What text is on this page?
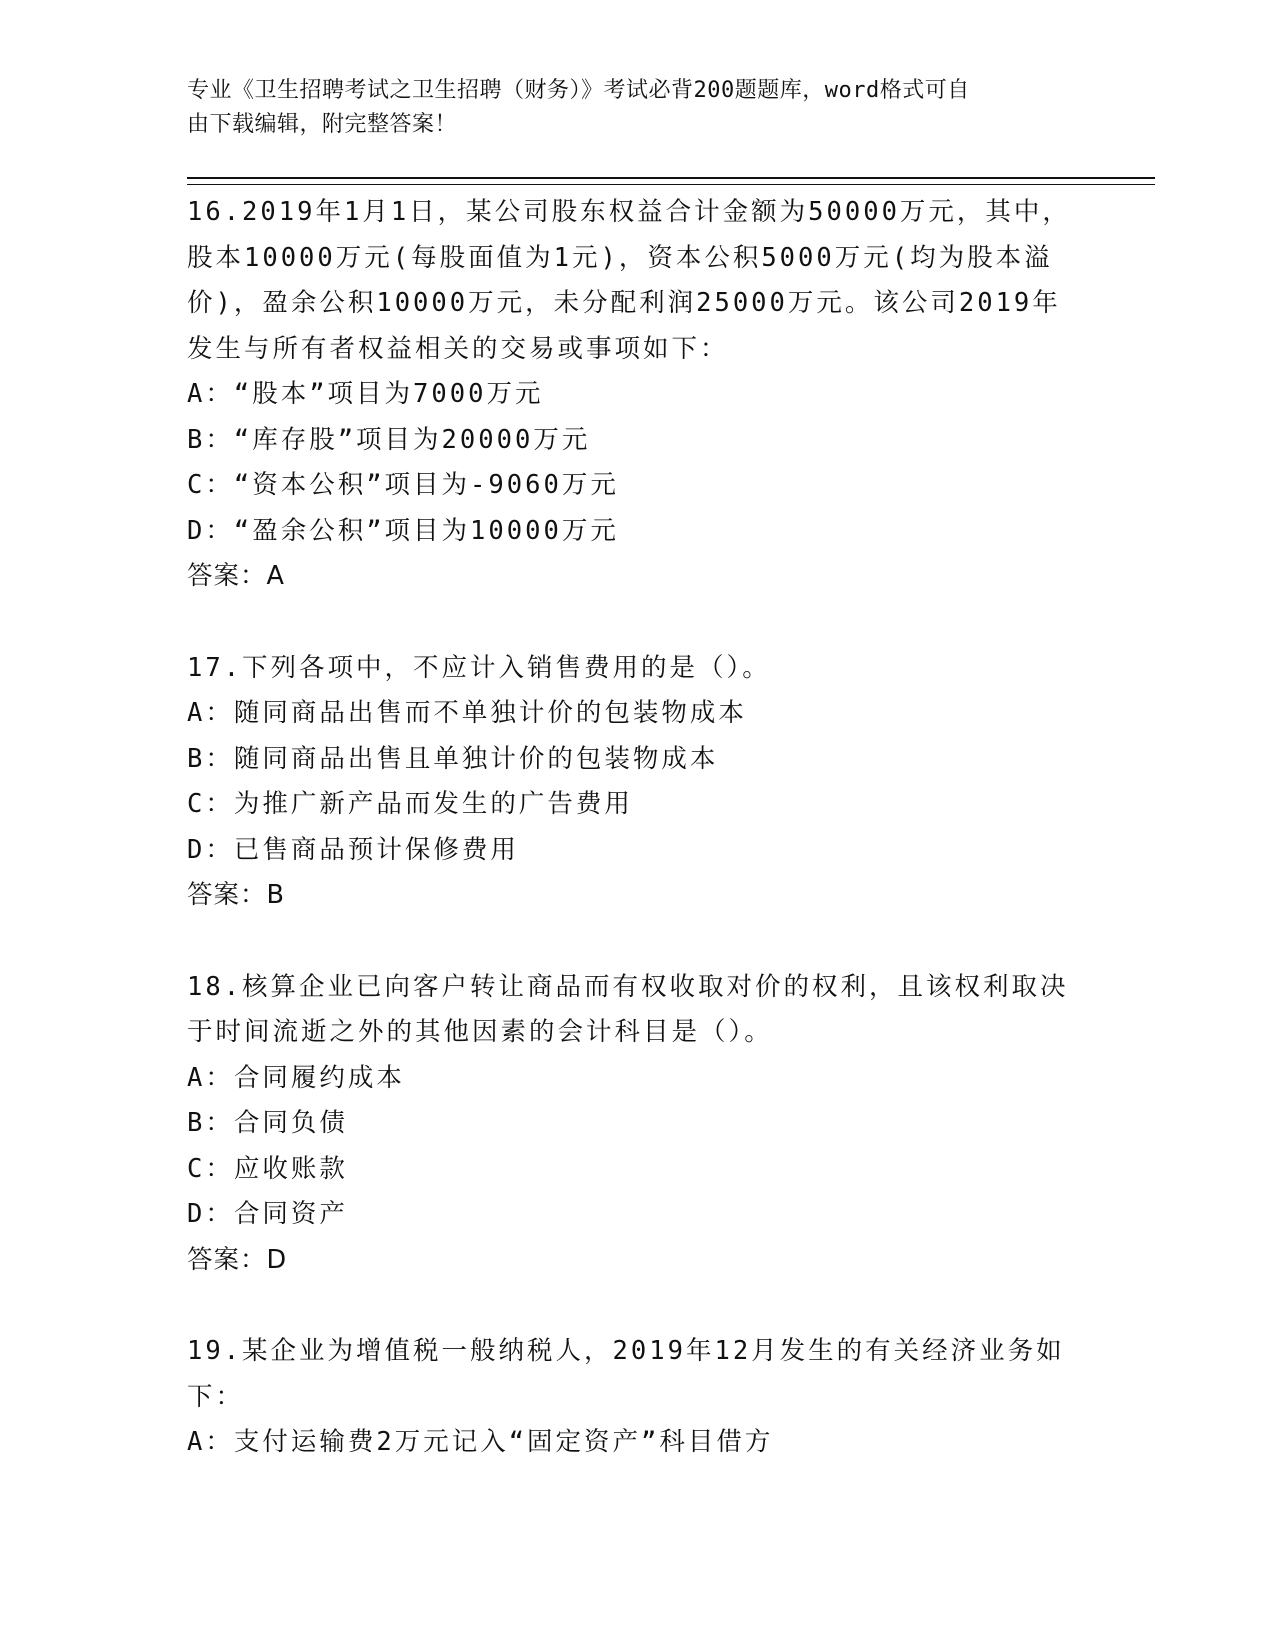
专业《卫生招聘考试之卫生招聘（财务）》考试必背200题题库，word格式可自
由下载编辑，附完整答案！

16.2019年1月1日，某公司股东权益合计金额为50000万元，其中，

股本10000万元(每股面值为1元)，资本公积5000万元(均为股本溢

价)，盈余公积10000万元，未分配利润25000万元。该公司2019年

发生与所有者权益相关的交易或事项如下：

A：“股本”项目为7000万元

B：“库存股”项目为20000万元

C：“资本公积”项目为-9060万元

D：“盈余公积”项目为10000万元

答案：A

17.下列各项中，不应计入销售费用的是（）。

A：随同商品出售而不单独计价的包装物成本

B：随同商品出售且单独计价的包装物成本

C：为推广新产品而发生的广告费用

D：已售商品预计保修费用

答案：B

18.核算企业已向客户转让商品而有权收取对价的权利，且该权利取决

于时间流逝之外的其他因素的会计科目是（）。

A：合同履约成本

B：合同负债

C：应收账款

D：合同资产

答案：D

19.某企业为增值税一般纳税人，2019年12月发生的有关经济业务如

下：

A：支付运输费2万元记入“固定资产”科目借方
